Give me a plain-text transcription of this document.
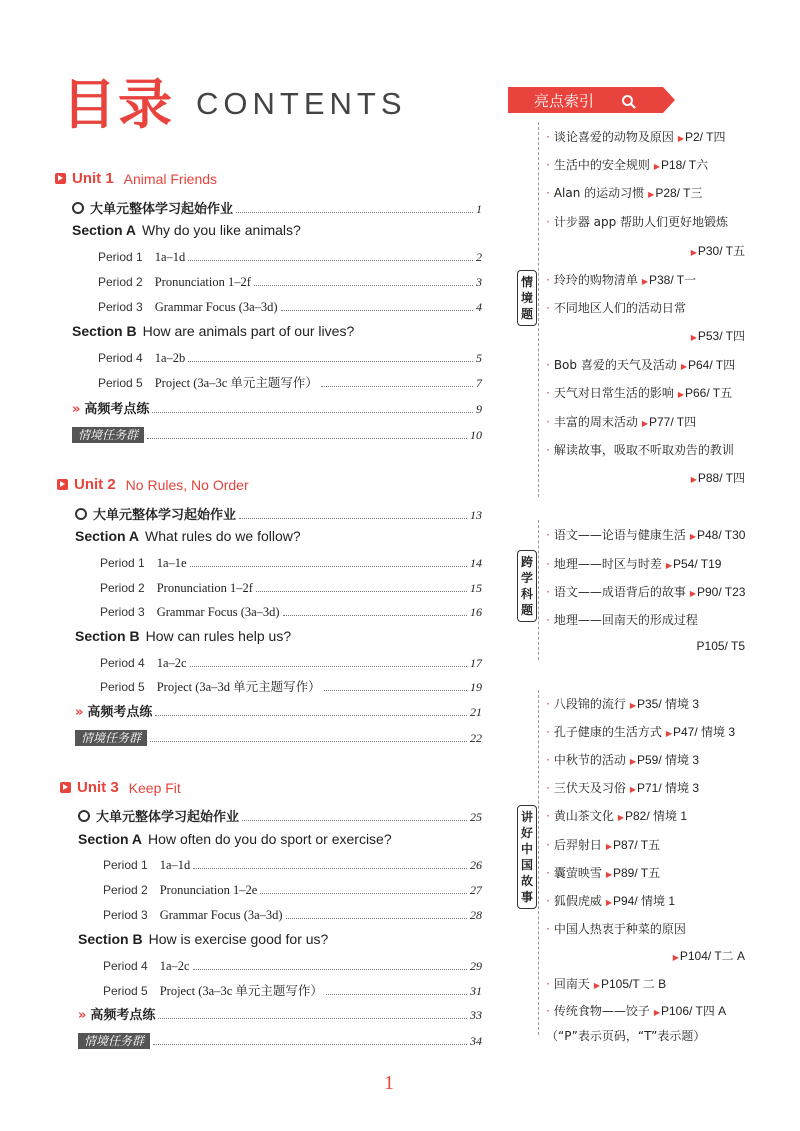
目录 CONTENTS
Unit 1 Animal Friends
大单元整体学习起始作业	1
Section A Why do you like animals?
Period 1 1a–1d	2
Period 2 Pronunciation 1–2f	3
Period 3 Grammar Focus (3a–3d)	4
Section B How are animals part of our lives?
Period 4 1a–2b	5
Period 5 Project (3a–3c 单元主题写作）	7
» 高频考点练	9
情境任务群	10
Unit 2 No Rules, No Order
大单元整体学习起始作业	13
Section A What rules do we follow?
Period 1 1a–1e	14
Period 2 Pronunciation 1–2f	15
Period 3 Grammar Focus (3a–3d)	16
Section B How can rules help us?
Period 4 1a–2c	17
Period 5 Project (3a–3d 单元主题写作）	19
» 高频考点练	21
情境任务群	22
Unit 3 Keep Fit
大单元整体学习起始作业	25
Section A How often do you do sport or exercise?
Period 1 1a–1d	26
Period 2 Pronunciation 1–2e	27
Period 3 Grammar Focus (3a–3d)	28
Section B How is exercise good for us?
Period 4 1a–2c	29
Period 5 Project (3a–3c 单元主题写作）	31
» 高频考点练	33
情境任务群	34
亮点索引
情境题
跨学科题
讲好中国故事
· 谈论喜爱的动物及原因 ▶P2/ T四
· 生活中的安全规则 ▶P18/ T六
· Alan 的运动习惯 ▶P28/ T三
· 计步器 app 帮助人们更好地锻炼
▶P30/ T五
· 玲玲的购物清单 ▶P38/ T一
· 不同地区人们的活动日常
▶P53/ T四
· Bob 喜爱的天气及活动 ▶P64/ T四
· 天气对日常生活的影响 ▶P66/ T五
· 丰富的周末活动 ▶P77/ T四
· 解读故事，吸取不听取劝告的教训
▶P88/ T四
· 语文——论语与健康生活 ▶P48/ T30
· 地理——时区与时差 ▶P54/ T19
· 语文——成语背后的故事 ▶P90/ T23
· 地理——回南天的形成过程
P105/ T5
· 八段锦的流行 ▶P35/ 情境 3
· 孔子健康的生活方式 ▶P47/ 情境 3
· 中秋节的活动 ▶P59/ 情境 3
· 三伏天及习俗 ▶P71/ 情境 3
· 黄山茶文化 ▶P82/ 情境 1
· 后羿射日 ▶P87/ T五
· 囊萤映雪 ▶P89/ T五
· 狐假虎威 ▶P94/ 情境 1
· 中国人热衷于种菜的原因
▶P104/ T二 A
· 回南天 ▶P105/T 二 B
· 传统食物——饺子 ▶P106/ T四 A
（“P”表示页码，“T”表示题）
1
